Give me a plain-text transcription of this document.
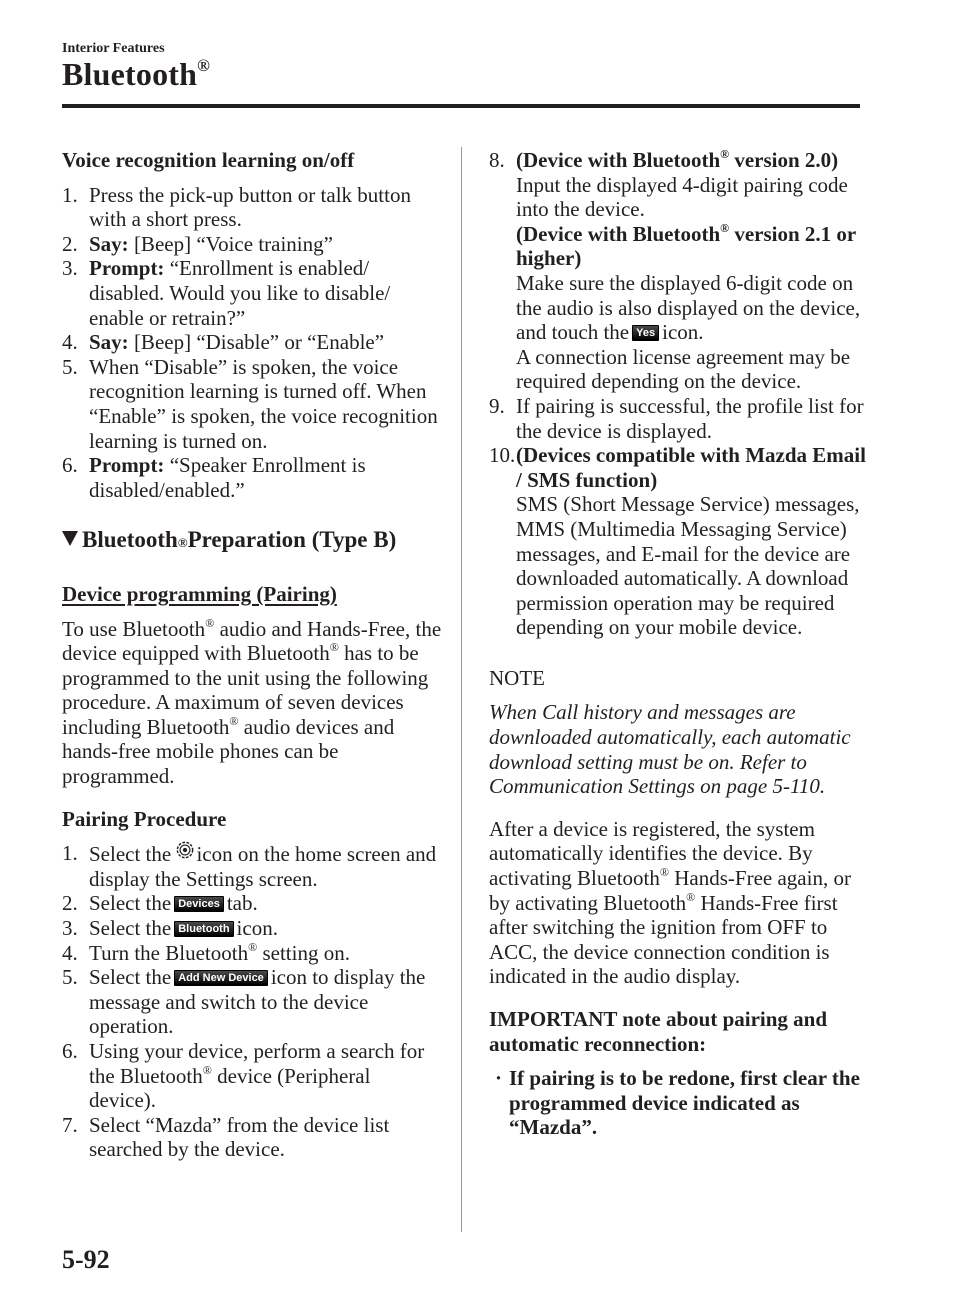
Interior Features
Bluetooth®
Voice recognition learning on/off
1. Press the pick-up button or talk button with a short press.
2. Say: [Beep] “Voice training”
3. Prompt: “Enrollment is enabled/ disabled. Would you like to disable/ enable or retrain?”
4. Say: [Beep] “Disable” or “Enable”
5. When “Disable” is spoken, the voice recognition learning is turned off. When “Enable” is spoken, the voice recognition learning is turned on.
6. Prompt: “Speaker Enrollment is disabled/enabled.”
Bluetooth ® Preparation (Type B)
Device programming (Pairing)
To use Bluetooth® audio and Hands-Free, the device equipped with Bluetooth® has to be programmed to the unit using the following procedure. A maximum of seven devices including Bluetooth® audio devices and hands-free mobile phones can be programmed.
Pairing Procedure
1. Select the icon on the home screen and display the Settings screen.
2. Select the Devices tab.
3. Select the Bluetooth icon.
4. Turn the Bluetooth® setting on.
5. Select the Add New Device icon to display the message and switch to the device operation.
6. Using your device, perform a search for the Bluetooth® device (Peripheral device).
7. Select “Mazda” from the device list searched by the device.
8. (Device with Bluetooth® version 2.0)
Input the displayed 4-digit pairing code into the device.
(Device with Bluetooth® version 2.1 or higher)
Make sure the displayed 6-digit code on the audio is also displayed on the device, and touch the Yes icon.
A connection license agreement may be required depending on the device.
9. If pairing is successful, the profile list for the device is displayed.
10. (Devices compatible with Mazda Email / SMS function)
SMS (Short Message Service) messages, MMS (Multimedia Messaging Service) messages, and E-mail for the device are downloaded automatically. A download permission operation may be required depending on your mobile device.
NOTE
When Call history and messages are downloaded automatically, each automatic download setting must be on. Refer to Communication Settings on page 5-110.
After a device is registered, the system automatically identifies the device. By activating Bluetooth® Hands-Free again, or by activating Bluetooth® Hands-Free first after switching the ignition from OFF to ACC, the device connection condition is indicated in the audio display.
IMPORTANT note about pairing and automatic reconnection:
· If pairing is to be redone, first clear the programmed device indicated as “Mazda”.
5-92
